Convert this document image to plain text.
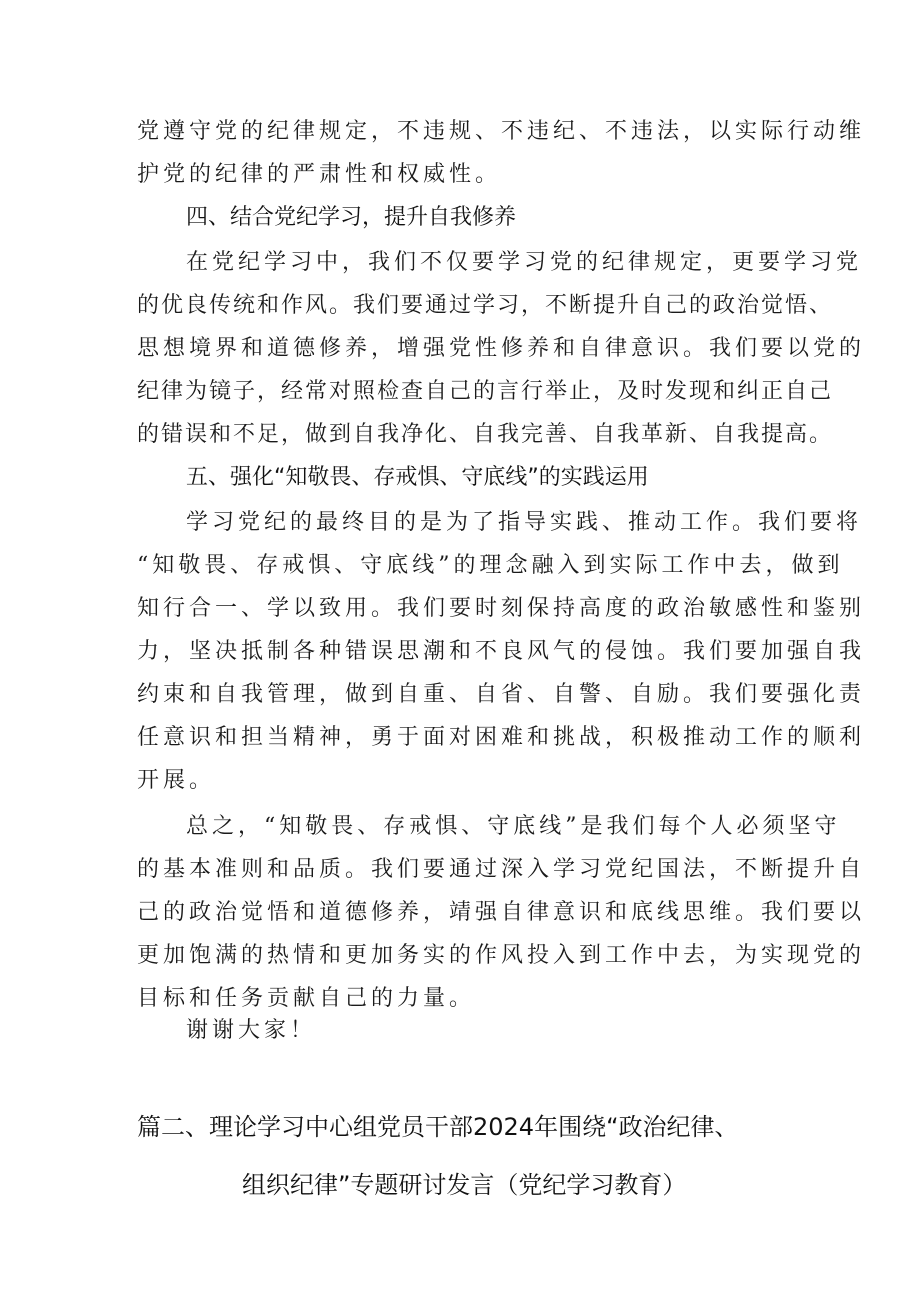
党遵守党的纪律规定，不违规、不违纪、不违法，以实际行动维
护党的纪律的严肃性和权威性。
四、结合党纪学习，提升自我修养
在党纪学习中，我们不仅要学习党的纪律规定，更要学习党
的优良传统和作风。我们要通过学习，不断提升自己的政治觉悟、
思想境界和道德修养，增强党性修养和自律意识。我们要以党的
纪律为镜子，经常对照检查自己的言行举止，及时发现和纠正自己
的错误和不足，做到自我净化、自我完善、自我革新、自我提高。
五、强化“知敬畏、存戒惧、守底线”的实践运用
学习党纪的最终目的是为了指导实践、推动工作。我们要将
“知敬畏、存戒惧、守底线”的理念融入到实际工作中去，做到
知行合一、学以致用。我们要时刻保持高度的政治敏感性和鉴别
力，坚决抵制各种错误思潮和不良风气的侵蚀。我们要加强自我
约束和自我管理，做到自重、自省、自警、自励。我们要强化责
任意识和担当精神，勇于面对困难和挑战，积极推动工作的顺利
开展。
总之，“知敬畏、存戒惧、守底线”是我们每个人必须坚守
的基本准则和品质。我们要通过深入学习党纪国法，不断提升自
己的政治觉悟和道德修养，靖强自律意识和底线思维。我们要以
更加饱满的热情和更加务实的作风投入到工作中去，为实现党的
目标和任务贡献自己的力量。
谢谢大家！
篇二、理论学习中心组党员干部2024年围绕“政治纪律、
组织纪律”专题研讨发言（党纪学习教育）
